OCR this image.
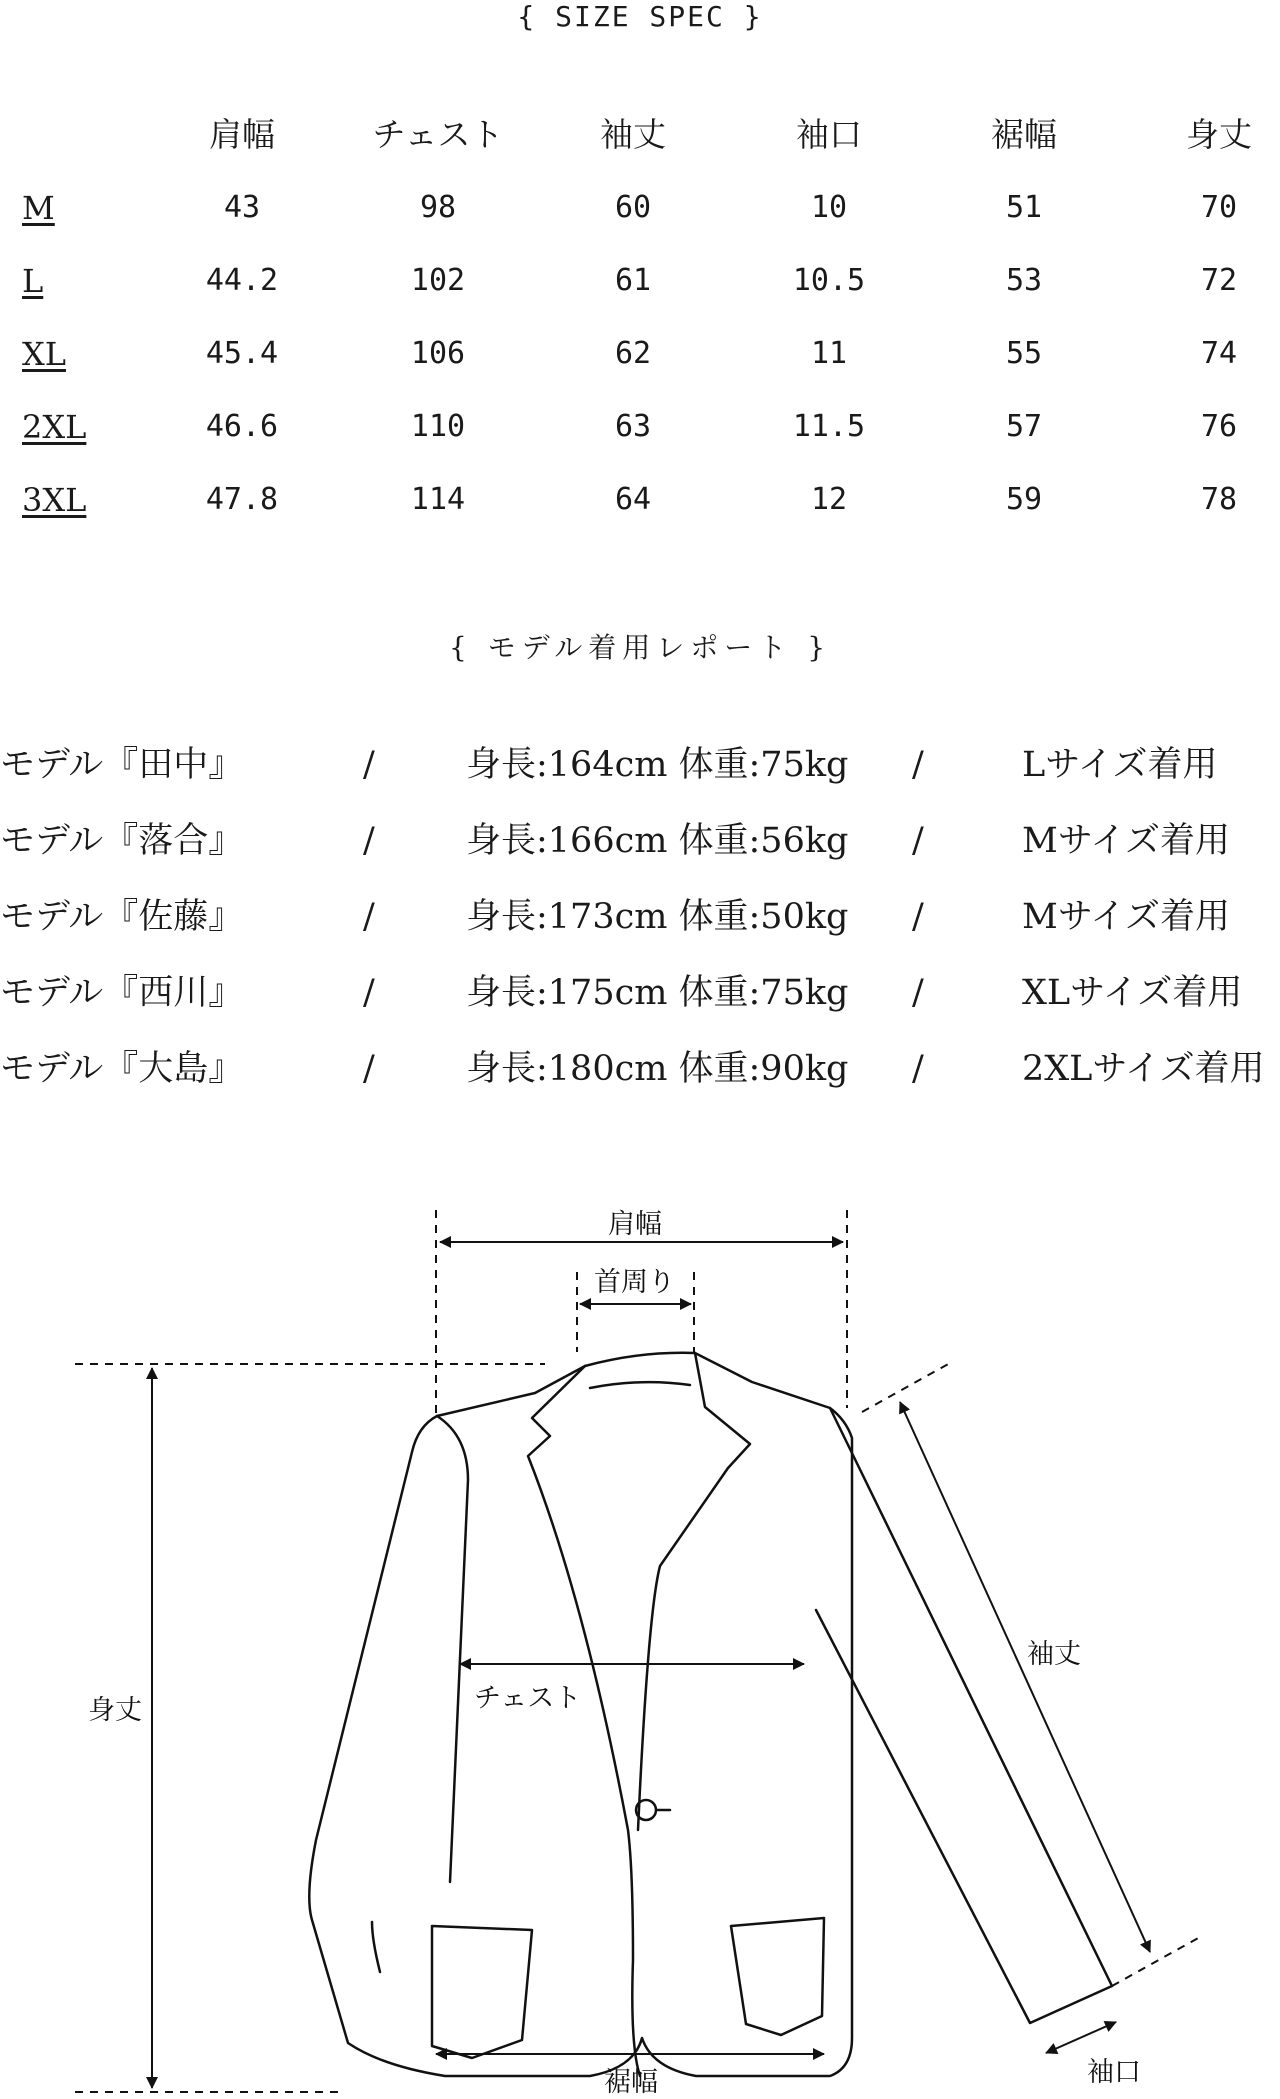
{ SIZE SPEC }
肩幅	チェスト	袖丈	袖口	裾幅	身丈
M	43	98	60	10	51	70
L	44.2	102	61	10.5	53	72
XL	45.4	106	62	11	55	74
2XL	46.6	110	63	11.5	57	76
3XL	47.8	114	64	12	59	78
{ モデル着用レポート }
モデル『田中』	/	身長:164cm 体重:75kg /	Lサイズ着用
モデル『落合』	/	身長:166cm 体重:56kg /	Mサイズ着用
モデル『佐藤』	/	身長:173cm 体重:50kg /	Mサイズ着用
モデル『西川』	/	身長:175cm 体重:75kg /	XLサイズ着用
モデル『大島』	/	身長:180cm 体重:90kg /	2XLサイズ着用
肩幅
首周り
身丈	チェスト
袖丈
裾幅	袖口
